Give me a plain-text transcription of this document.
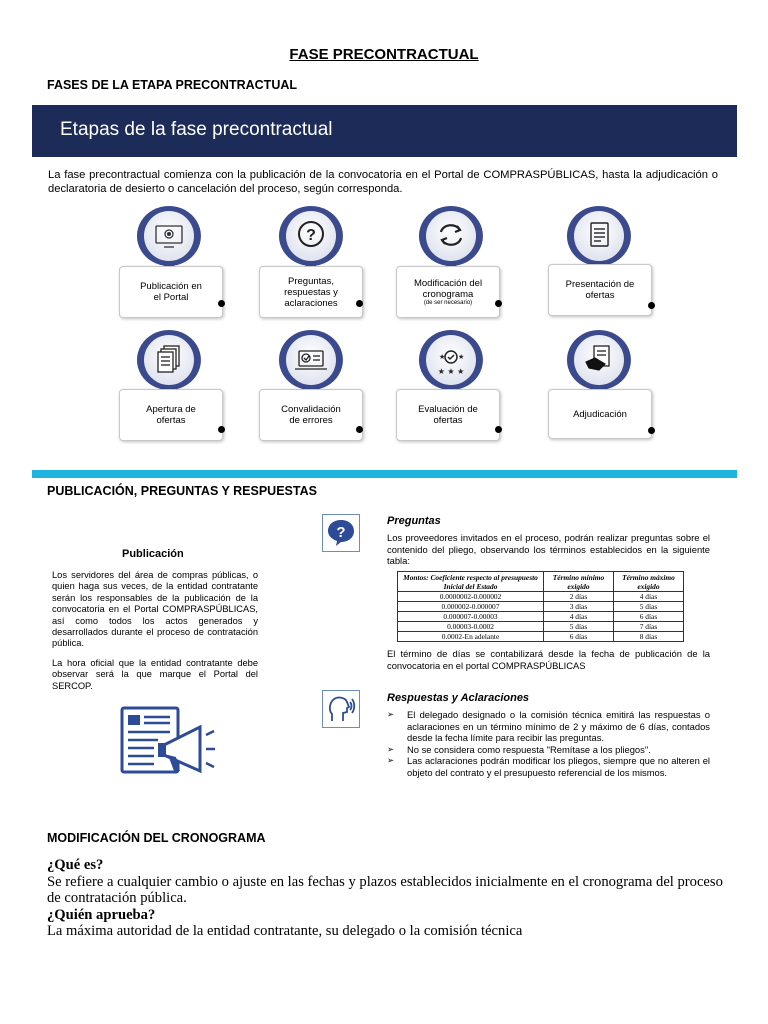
FASE PRECONTRACTUAL
FASES DE LA ETAPA PRECONTRACTUAL
Etapas de la fase precontractual
La fase precontractual comienza con la publicación de la convocatoria en el Portal de COMPRASPÚBLICAS, hasta la adjudicación o declaratoria de desierto o cancelación del proceso, según corresponda.
?
Publicación en el Portal
Preguntas, respuestas y aclaraciones
Modificación del cronograma
(de ser necesario)
Presentación de ofertas
★ ★ ★
★ ★
Apertura de ofertas
Convalidación de errores
Evaluación de ofertas
Adjudicación
PUBLICACIÓN, PREGUNTAS Y RESPUESTAS
Publicación

Los servidores del área de compras públicas, o quien haga sus veces, de la entidad contratante serán los responsables de la publicación de la convocatoria en el Portal COMPRASPÚBLICAS, así como todos los actos generados y desarrollados durante el proceso de contratación pública.

La hora oficial que la entidad contratante debe observar será la que marque el Portal del SERCOP.

?
Preguntas
Los proveedores invitados en el proceso, podrán realizar preguntas sobre el contenido del pliego, observando los términos establecidos en la siguiente tabla:
Montos: Coeficiente respecto al presupuesto Inicial del Estado	Término mínimo exigido	Término máximo exigido
0.0000002-0.000002	2 días	4 días
0.000002-0.000007	3 días	5 días
0.000007-0.00003	4 días	6 días
0.00003-0.0002	5 días	7 días
0.0002-En adelante	6 días	8 días
El término de días se contabilizará desde la fecha de publicación de la convocatoria en el portal COMPRASPÚBLICAS
Respuestas y Aclaraciones
➢ El delegado designado o la comisión técnica emitirá las respuestas o aclaraciones en un término mínimo de 2 y máximo de 6 días, contados desde la fecha límite para recibir las preguntas.
➢ No se considera como respuesta "Remítase a los pliegos".
➢ Las aclaraciones podrán modificar los pliegos, siempre que no alteren el objeto del contrato y el presupuesto referencial de los mismos.
MODIFICACIÓN DEL CRONOGRAMA
¿Qué es?
Se refiere a cualquier cambio o ajuste en las fechas y plazos establecidos inicialmente en el cronograma del proceso de contratación pública.
¿Quién aprueba?
La máxima autoridad de la entidad contratante, su delegado o la comisión técnica
